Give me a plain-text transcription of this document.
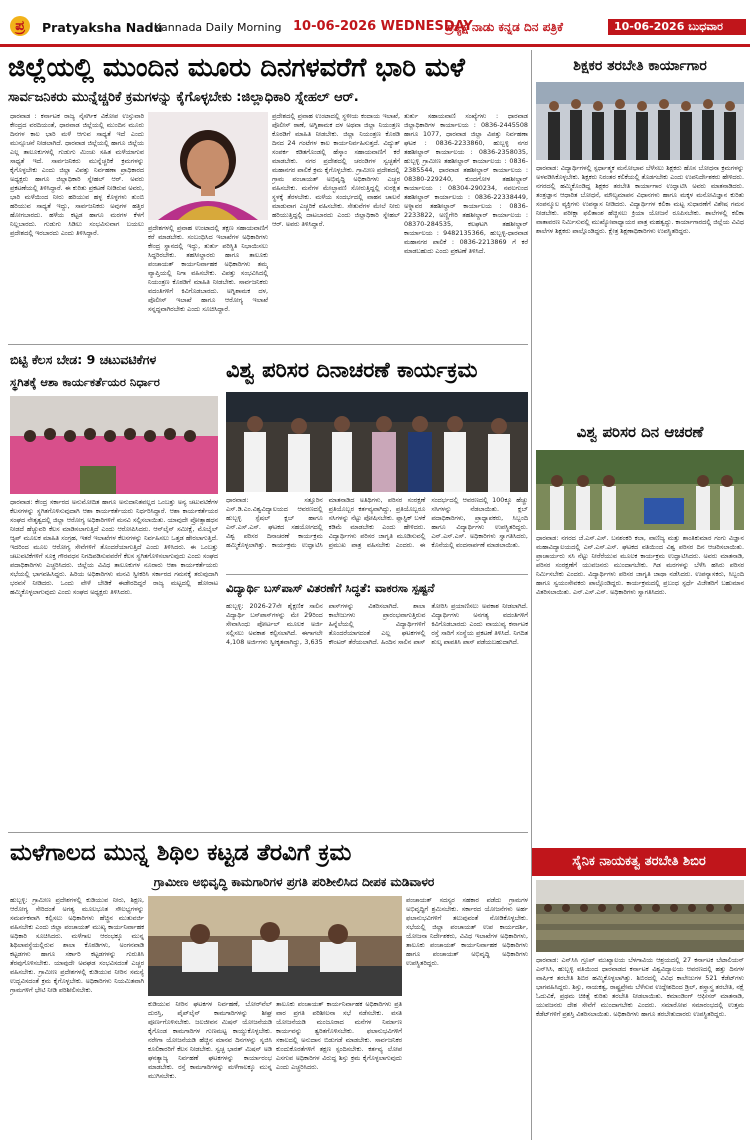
ಪ್ರ	Pratyaksha Nadu
Kannada Daily Morning 10-06-2026 WEDNESDAY
ಪ್ರತ್ಯಕ್ಷ ನಾಡು ಕನ್ನಡ ದಿನ ಪತ್ರಿಕೆ	10-06-2026 ಬುಧವಾರ
ಜಿಲ್ಲೆಯಲ್ಲಿ ಮುಂದಿನ ಮೂರು ದಿನಗಳವರೆಗೆ ಭಾರಿ ಮಳೆ
ಸಾರ್ವಜನಿಕರು ಮುನ್ನೆಚ್ಚರಿಕೆ ಕ್ರಮಗಳನ್ನು ಕೈಗೊಳ್ಳಬೇಕು :ಜಿಲ್ಲಾಧಿಕಾರಿ ಸ್ನೇಹಲ್ ಆರ್.
ಧಾರವಾಡ : ಕರ್ನಾಟಕ ರಾಜ್ಯ ನೈಸರ್ಗಿಕ ವಿಕೋಪ ಉಸ್ತುವಾರಿ ಕೇಂದ್ರದ ವರದಿಯಂತೆ, ಧಾರವಾಡ ಜಿಲ್ಲೆಯಲ್ಲಿ ಮುಂದಿನ ಮೂರು ದಿನಗಳ ಕಾಲ ಭಾರಿ ಮಳೆ ಆಗುವ ಸಾಧ್ಯತೆ ಇದೆ ಎಂದು ಮುನ್ಸೂಚನೆ ನೀಡಲಾಗಿದೆ. ಧಾರವಾಡ ಜಿಲ್ಲೆಯಲ್ಲಿ ಹಾಗೂ ಜಿಲ್ಲೆಯ ಎಲ್ಲ ತಾಲೂಕುಗಳಲ್ಲಿ ಗುಡುಗು ಮಿಂಚು ಸಹಿತ ಮಳೆಯಾಗುವ ಸಾಧ್ಯತೆ ಇದೆ. ಸಾರ್ವಜನಿಕರು ಮುನ್ನೆಚ್ಚರಿಕೆ ಕ್ರಮಗಳನ್ನು ಕೈಗೊಳ್ಳಬೇಕು ಎಂದು ಜಿಲ್ಲಾ ವಿಪತ್ತು ನಿರ್ವಹಣಾ ಪ್ರಾಧಿಕಾರದ ಅಧ್ಯಕ್ಷರು ಹಾಗೂ ಜಿಲ್ಲಾಧಿಕಾರಿ ಸ್ನೇಹಲ್ ಆರ್. ಅವರು ಪ್ರಕಟಣೆಯಲ್ಲಿ ತಿಳಿಸಿದ್ದಾರೆ. ಈ ಕುರಿತು ಪ್ರಕಟಣೆ ನೀಡಿರುವ ಅವರು, ಭಾರಿ ಮಳೆಯಿಂದ ನೀರು ಹರಿಯುವ ಹಳ್ಳ ಕೊಳ್ಳಗಳು ತುಂಬಿ ಹರಿಯುವ ಸಾಧ್ಯತೆ ಇದ್ದು, ಸಾರ್ವಜನಿಕರು ಅವುಗಳ ಹತ್ತಿರ ಹೋಗಬಾರದು. ಹಳೆಯ ಕಟ್ಟಡ ಹಾಗೂ ಮರಗಳ ಕೆಳಗೆ ನಿಲ್ಲಬಾರದು. ಗುಡುಗು ಸಿಡಿಲು ಸಂಭವಿಸುವಾಗ ಬಯಲು ಪ್ರದೇಶದಲ್ಲಿ ಇರಬಾರದು ಎಂದು ತಿಳಿಸಿದ್ದಾರೆ.
ಪ್ರದೇಶಗಳಲ್ಲಿ ಪ್ರವಾಹ ಉಂಟಾದಲ್ಲಿ ತಕ್ಷಣ ಸಹಾಯವಾಣಿಗೆ ಕರೆ ಮಾಡಬೇಕು. ಸಂಬಂಧಿಸಿದ ಇಲಾಖೆಗಳ ಅಧಿಕಾರಿಗಳು ಕೇಂದ್ರ ಸ್ಥಾನದಲ್ಲಿ ಇದ್ದು, ತುರ್ತು ಪರಿಸ್ಥಿತಿ ನಿಭಾಯಿಸಲು ಸಿದ್ಧರಿರಬೇಕು. ತಹಸೀಲ್ದಾರರು ಹಾಗೂ ತಾಲೂಕು ಪಂಚಾಯತ್ ಕಾರ್ಯನಿರ್ವಾಹಕ ಅಧಿಕಾರಿಗಳು ತಮ್ಮ ವ್ಯಾಪ್ತಿಯಲ್ಲಿ ನಿಗಾ ವಹಿಸಬೇಕು. ವಿಪತ್ತು ಸಂಭವಿಸಿದಲ್ಲಿ ನಿಯಂತ್ರಣ ಕೊಠಡಿಗೆ ಮಾಹಿತಿ ನೀಡಬೇಕು. ಸಾರ್ವಜನಿಕರು ವದಂತಿಗಳಿಗೆ ಕಿವಿಗೊಡಬಾರದು. ಅಗ್ನಿಶಾಮಕ ದಳ, ಪೊಲೀಸ್ ಇಲಾಖೆ ಹಾಗೂ ಆರೋಗ್ಯ ಇಲಾಖೆ ಸನ್ನದ್ಧವಾಗಿರಬೇಕು ಎಂದು ಸೂಚಿಸಿದ್ದಾರೆ.
ಪ್ರದೇಶದಲ್ಲಿ ಪ್ರವಾಹ ಉಂಟಾದಲ್ಲಿ ಸ್ಥಳೀಯ ಕಂದಾಯ ಇಲಾಖೆ, ಪೊಲೀಸ್ ಠಾಣೆ, ಅಗ್ನಿಶಾಮಕ ದಳ ಅಥವಾ ಜಿಲ್ಲಾ ನಿಯಂತ್ರಣ ಕೊಠಡಿಗೆ ಮಾಹಿತಿ ನೀಡಬೇಕು. ಜಿಲ್ಲಾ ನಿಯಂತ್ರಣ ಕೊಠಡಿ ದಿನದ 24 ಗಂಟೆಗಳ ಕಾಲ ಕಾರ್ಯನಿರ್ವಹಿಸುತ್ತದೆ. ವಿದ್ಯುತ್ ಸಂಪರ್ಕ ಕಡಿತಗೊಂಡಲ್ಲಿ ಹೆಸ್ಕಾಂ ಸಹಾಯವಾಣಿಗೆ ಕರೆ ಮಾಡಬೇಕು. ನಗರ ಪ್ರದೇಶದಲ್ಲಿ ಚರಂಡಿಗಳ ಸ್ವಚ್ಛತೆಗೆ ಮಹಾನಗರ ಪಾಲಿಕೆ ಕ್ರಮ ಕೈಗೊಳ್ಳಬೇಕು. ಗ್ರಾಮೀಣ ಪ್ರದೇಶದಲ್ಲಿ ಗ್ರಾಮ ಪಂಚಾಯತ್ ಅಭಿವೃದ್ಧಿ ಅಧಿಕಾರಿಗಳು ಎಚ್ಚರ ವಹಿಸಬೇಕು. ಮನೆಗಳ ಮೇಲ್ಛಾವಣಿ ಸೋರುತ್ತಿದ್ದಲ್ಲಿ ಸುರಕ್ಷಿತ ಸ್ಥಳಕ್ಕೆ ತೆರಳಬೇಕು. ಮಳೆಯ ಸಂದರ್ಭದಲ್ಲಿ ವಾಹನ ಚಾಲನೆ ಮಾಡುವಾಗ ಎಚ್ಚರಿಕೆ ವಹಿಸಬೇಕು. ಸೇತುವೆಗಳ ಮೇಲೆ ನೀರು ಹರಿಯುತ್ತಿದ್ದಲ್ಲಿ ದಾಟಬಾರದು ಎಂದು ಜಿಲ್ಲಾಧಿಕಾರಿ ಸ್ನೇಹಲ್ ಆರ್. ಅವರು ತಿಳಿಸಿದ್ದಾರೆ.
ತುರ್ತು ಸಹಾಯವಾಣಿ ಸಂಖ್ಯೆಗಳು : ಧಾರವಾಡ ಜಿಲ್ಲಾಧಿಕಾರಿಗಳ ಕಾರ್ಯಾಲಯ : 0836-2445508 ಹಾಗೂ 1077, ಧಾರವಾಡ ಜಿಲ್ಲಾ ವಿಪತ್ತು ನಿರ್ವಹಣಾ ಘಟಕ : 0836-2233860, ಹುಬ್ಬಳ್ಳಿ ನಗರ ತಹಶೀಲ್ದಾರ್ ಕಾರ್ಯಾಲಯ : 0836-2358035, ಹುಬ್ಬಳ್ಳಿ ಗ್ರಾಮೀಣ ತಹಶೀಲ್ದಾರ್ ಕಾರ್ಯಾಲಯ : 0836-2385544, ಧಾರವಾಡ ತಹಶೀಲ್ದಾರ್ ಕಾರ್ಯಾಲಯ : 08380-229240, ಕುಂದಗೋಳ ತಹಶೀಲ್ದಾರ್ ಕಾರ್ಯಾಲಯ : 08304-290234, ನವಲಗುಂದ ತಹಶೀಲ್ದಾರ್ ಕಾರ್ಯಾಲಯ : 0836-22338449, ಅಳ್ನಾವರ ತಹಶೀಲ್ದಾರ್ ಕಾರ್ಯಾಲಯ : 0836-2233822, ಅಣ್ಣಿಗೇರಿ ತಹಶೀಲ್ದಾರ್ ಕಾರ್ಯಾಲಯ : 08370-284535, ಕಲಘಟಗಿ ತಹಶೀಲ್ದಾರ್ ಕಾರ್ಯಾಲಯ : 9482135366, ಹುಬ್ಬಳ್ಳಿ-ಧಾರವಾಡ ಮಹಾನಗರ ಪಾಲಿಕೆ : 0836-2213869 ಗೆ ಕರೆ ಮಾಡಬಹುದು ಎಂದು ಪ್ರಕಟಣೆ ತಿಳಿಸಿದೆ.
ಬಿಟ್ಟಿ ಕೆಲಸ ಬೇಡ: 9 ಚಟುವಟಿಕೆಗಳ
ಸ್ಥಗಿತಕ್ಕೆ ಆಶಾ ಕಾರ್ಯಕರ್ತೆಯರ ನಿರ್ಧಾರ
ಧಾರವಾಡ: ಕೇಂದ್ರ ಸರ್ಕಾರದ ಅನುಮೋದಿತ ಹಾಗೂ ಅನುದಾನಿತವಲ್ಲದ ಒಂಬತ್ತು ಅನ್ಯ ಚಟುವಟಿಕೆಗಳ ಕೆಲಸಗಳನ್ನು ಸ್ಥಗಿತಗೊಳಿಸುವುದಾಗಿ ಆಶಾ ಕಾರ್ಯಕರ್ತೆಯರು ನಿರ್ಧರಿಸಿದ್ದಾರೆ. ಆಶಾ ಕಾರ್ಯಕರ್ತೆಯರ ಸಂಘದ ನೇತೃತ್ವದಲ್ಲಿ ಜಿಲ್ಲಾ ಆರೋಗ್ಯ ಅಧಿಕಾರಿಗಳಿಗೆ ಮನವಿ ಸಲ್ಲಿಸಲಾಯಿತು. ಯಾವುದೇ ಪ್ರೋತ್ಸಾಹಧನ ನೀಡದೆ ಹೆಚ್ಚುವರಿ ಕೆಲಸ ಮಾಡಿಸಲಾಗುತ್ತಿದೆ ಎಂದು ಆರೋಪಿಸಿದರು. ಆನ್‌ಲೈನ್ ಸಮೀಕ್ಷೆ, ಮೊಬೈಲ್ ಆ್ಯಪ್ ಮೂಲಕ ಮಾಹಿತಿ ಸಂಗ್ರಹ, ಇತರೆ ಇಲಾಖೆಗಳ ಕೆಲಸಗಳನ್ನು ನಿರ್ವಹಿಸಲು ಒತ್ತಡ ಹೇರಲಾಗುತ್ತಿದೆ. ಇದರಿಂದ ಮೂಲ ಆರೋಗ್ಯ ಸೇವೆಗಳಿಗೆ ತೊಂದರೆಯಾಗುತ್ತಿದೆ ಎಂದು ತಿಳಿಸಿದರು. ಈ ಒಂಬತ್ತು ಚಟುವಟಿಕೆಗಳಿಗೆ ಸೂಕ್ತ ಗೌರವಧನ ನಿಗದಿಪಡಿಸುವವರೆಗೆ ಕೆಲಸ ಸ್ಥಗಿತಗೊಳಿಸಲಾಗುವುದು ಎಂದು ಸಂಘದ ಪದಾಧಿಕಾರಿಗಳು ಎಚ್ಚರಿಸಿದರು. ಜಿಲ್ಲೆಯ ವಿವಿಧ ತಾಲೂಕುಗಳ ನೂರಾರು ಆಶಾ ಕಾರ್ಯಕರ್ತೆಯರು ಸಭೆಯಲ್ಲಿ ಭಾಗವಹಿಸಿದ್ದರು. ಹಿರಿಯ ಅಧಿಕಾರಿಗಳು ಮನವಿ ಸ್ವೀಕರಿಸಿ ಸರ್ಕಾರದ ಗಮನಕ್ಕೆ ತರುವುದಾಗಿ ಭರವಸೆ ನೀಡಿದರು. ಒಂದು ವೇಳೆ ಬೇಡಿಕೆ ಈಡೇರದಿದ್ದರೆ ರಾಜ್ಯ ಮಟ್ಟದಲ್ಲಿ ಹೋರಾಟ ಹಮ್ಮಿಕೊಳ್ಳಲಾಗುವುದು ಎಂದು ಸಂಘದ ಅಧ್ಯಕ್ಷರು ತಿಳಿಸಿದರು.
ವಿಶ್ವ ಪರಿಸರ ದಿನಾಚರಣೆ ಕಾರ್ಯಕ್ರಮ
ಧಾರವಾಡ: ಸತ್ತೂರಿನ ಎಸ್.ಡಿ.ಎಂ.ವಿಶ್ವವಿದ್ಯಾಲಯದ ಆವರಣದಲ್ಲಿ ಹುಬ್ಬಳ್ಳಿ ಸ್ಪೆಷಲ್ ಕ್ಲಬ್ ಹಾಗೂ ಎನ್.ಎಸ್.ಎಸ್. ಘಟಕದ ಸಹಯೋಗದಲ್ಲಿ ವಿಶ್ವ ಪರಿಸರ ದಿನಾಚರಣೆ ಕಾರ್ಯಕ್ರಮ ಹಮ್ಮಿಕೊಳ್ಳಲಾಗಿತ್ತು. ಕಾರ್ಯಕ್ರಮ ಉದ್ಘಾಟಿಸಿ ಮಾತನಾಡಿದ ಅತಿಥಿಗಳು, ಪರಿಸರ ಸಂರಕ್ಷಣೆ ಪ್ರತಿಯೊಬ್ಬರ ಕರ್ತವ್ಯವಾಗಿದ್ದು, ಪ್ರತಿಯೊಬ್ಬರೂ ಸಸಿಗಳನ್ನು ನೆಟ್ಟು ಪೋಷಿಸಬೇಕು. ಪ್ಲಾಸ್ಟಿಕ್ ಬಳಕೆ ಕಡಿಮೆ ಮಾಡಬೇಕು ಎಂದು ಹೇಳಿದರು. ವಿದ್ಯಾರ್ಥಿಗಳು ಪರಿಸರ ಜಾಗೃತಿ ಮೂಡಿಸುವಲ್ಲಿ ಪ್ರಮುಖ ಪಾತ್ರ ವಹಿಸಬೇಕು ಎಂದರು. ಈ ಸಂದರ್ಭದಲ್ಲಿ ಆವರಣದಲ್ಲಿ 100ಕ್ಕೂ ಹೆಚ್ಚು ಸಸಿಗಳನ್ನು ನೆಡಲಾಯಿತು. ಕ್ಲಬ್ ಪದಾಧಿಕಾರಿಗಳು, ಪ್ರಾಧ್ಯಾಪಕರು, ಸಿಬ್ಬಂದಿ ಹಾಗೂ ವಿದ್ಯಾರ್ಥಿಗಳು ಉಪಸ್ಥಿತರಿದ್ದರು. ಎನ್.ಎಸ್.ಎಸ್. ಅಧಿಕಾರಿಗಳು ಸ್ವಾಗತಿಸಿದರು, ಕೊನೆಯಲ್ಲಿ ವಂದನಾರ್ಪಣೆ ಮಾಡಲಾಯಿತು.
ವಿದ್ಯಾರ್ಥಿ ಬಸ್‌ಪಾಸ್ ವಿತರಣೆಗೆ ಸಿದ್ಧತೆ: ವಾಕರಸಾ ಸ್ಪಷ್ಟನೆ
ಹುಬ್ಬಳ್ಳಿ: 2026-27ನೇ ಶೈಕ್ಷಣಿಕ ಸಾಲಿನ ವಿದ್ಯಾರ್ಥಿ ಬಸ್‌ಪಾಸ್‌ಗಳನ್ನು ಮೇ 29ರಿಂದ ಸೇವಾಸಿಂಧು ಪೋರ್ಟಲ್ ಮೂಲಕ ಅರ್ಜಿ ಸಲ್ಲಿಸಲು ಅವಕಾಶ ಕಲ್ಪಿಸಲಾಗಿದೆ. ಈಗಾಗಲೇ 4,108 ಅರ್ಜಿಗಳು ಸ್ವೀಕೃತವಾಗಿದ್ದು, 3,635 ಪಾಸ್‌ಗಳನ್ನು ವಿತರಿಸಲಾಗಿದೆ. ಶಾಲಾ ಕಾಲೇಜುಗಳು ಪ್ರಾರಂಭವಾಗುತ್ತಿರುವ ಹಿನ್ನೆಲೆಯಲ್ಲಿ ವಿದ್ಯಾರ್ಥಿಗಳಿಗೆ ತೊಂದರೆಯಾಗದಂತೆ ಎಲ್ಲ ಘಟಕಗಳಲ್ಲಿ ಕೌಂಟರ್ ತೆರೆಯಲಾಗಿದೆ. ಹಿಂದಿನ ಸಾಲಿನ ಪಾಸ್ ತೋರಿಸಿ ಪ್ರಯಾಣಿಸಲು ಅವಕಾಶ ನೀಡಲಾಗಿದೆ. ವಿದ್ಯಾರ್ಥಿಗಳು ಅನಗತ್ಯ ವದಂತಿಗಳಿಗೆ ಕಿವಿಗೊಡಬಾರದು ಎಂದು ವಾಯುವ್ಯ ಕರ್ನಾಟಕ ರಸ್ತೆ ಸಾರಿಗೆ ಸಂಸ್ಥೆಯ ಪ್ರಕಟಣೆ ತಿಳಿಸಿದೆ. ನಿಗದಿತ ಶುಲ್ಕ ಪಾವತಿಸಿ ಪಾಸ್ ಪಡೆಯಬಹುದಾಗಿದೆ.
ಮಳೆಗಾಲದ ಮುನ್ನ ಶಿಥಿಲ ಕಟ್ಟಡ ತೆರವಿಗೆ ಕ್ರಮ
ಗ್ರಾಮೀಣ ಅಭಿವೃದ್ಧಿ ಕಾಮಗಾರಿಗಳ ಪ್ರಗತಿ ಪರಿಶೀಲಿಸಿದ ದೀಪಕ ಮಡಿವಾಳರ
ಹುಬ್ಬಳ್ಳಿ: ಗ್ರಾಮೀಣ ಪ್ರದೇಶಗಳಲ್ಲಿ ಕುಡಿಯುವ ನೀರು, ಶಿಕ್ಷಣ, ಆರೋಗ್ಯ ಸೇರಿದಂತೆ ಅಗತ್ಯ ಮೂಲಭೂತ ಸೌಲಭ್ಯಗಳನ್ನು ಸಮರ್ಪಕವಾಗಿ ಕಲ್ಪಿಸಲು ಅಧಿಕಾರಿಗಳು ಹೆಚ್ಚಿನ ಮುತುವರ್ಜಿ ವಹಿಸಬೇಕು ಎಂದು ಜಿಲ್ಲಾ ಪಂಚಾಯತ್ ಮುಖ್ಯ ಕಾರ್ಯನಿರ್ವಾಹಕ ಅಧಿಕಾರಿ ಸೂಚಿಸಿದರು. ಮಳೆಗಾಲ ಆರಂಭಕ್ಕೂ ಮುನ್ನ ಶಿಥಿಲಾವಸ್ಥೆಯಲ್ಲಿರುವ ಶಾಲಾ ಕೊಠಡಿಗಳು, ಅಂಗನವಾಡಿ ಕಟ್ಟಡಗಳು ಹಾಗೂ ಸರ್ಕಾರಿ ಕಟ್ಟಡಗಳನ್ನು ಗುರುತಿಸಿ ತೆರವುಗೊಳಿಸಬೇಕು. ಯಾವುದೇ ಅವಘಡ ಸಂಭವಿಸದಂತೆ ಎಚ್ಚರ ವಹಿಸಬೇಕು. ಗ್ರಾಮೀಣ ಪ್ರದೇಶಗಳಲ್ಲಿ ಕುಡಿಯುವ ನೀರಿನ ಸಮಸ್ಯೆ ಉದ್ಭವಿಸದಂತೆ ಕ್ರಮ ಕೈಗೊಳ್ಳಬೇಕು. ಅಧಿಕಾರಿಗಳು ನಿಯಮಿತವಾಗಿ ಗ್ರಾಮಗಳಿಗೆ ಭೇಟಿ ನೀಡಿ ಪರಿಶೀಲಿಸಬೇಕು.
ಕುಡಿಯುವ ನೀರಿನ ಘಟಕಗಳ ನಿರ್ವಹಣೆ, ಬೋರ್‌ವೆಲ್ ದುರಸ್ತಿ, ಪೈಪ್‌ಲೈನ್ ಕಾಮಗಾರಿಗಳನ್ನು ಶೀಘ್ರ ಪೂರ್ಣಗೊಳಿಸಬೇಕು. ಜಲಜೀವನ ಮಿಷನ್ ಯೋಜನೆಯಡಿ ಕೈಗೊಂಡ ಕಾಮಗಾರಿಗಳ ಗುಣಮಟ್ಟ ಕಾಯ್ದುಕೊಳ್ಳಬೇಕು. ನರೇಗಾ ಯೋಜನೆಯಡಿ ಹೆಚ್ಚಿನ ಮಾನವ ದಿನಗಳನ್ನು ಸೃಜಿಸಿ ಕೂಲಿಕಾರರಿಗೆ ಕೆಲಸ ನೀಡಬೇಕು. ಸ್ವಚ್ಛ ಭಾರತ್ ಮಿಷನ್ ಅಡಿ ಘನತ್ಯಾಜ್ಯ ನಿರ್ವಹಣೆ ಘಟಕಗಳನ್ನು ಕಾರ್ಯಾರಂಭ ಮಾಡಬೇಕು. ರಸ್ತೆ ಕಾಮಗಾರಿಗಳನ್ನು ಮಳೆಗಾಲಕ್ಕೂ ಮುನ್ನ ಮುಗಿಸಬೇಕು.
ತಾಲೂಕು ಪಂಚಾಯತ್ ಕಾರ್ಯನಿರ್ವಾಹಕ ಅಧಿಕಾರಿಗಳು ಪ್ರತಿ ವಾರ ಪ್ರಗತಿ ಪರಿಶೀಲನಾ ಸಭೆ ನಡೆಸಬೇಕು. ವಸತಿ ಯೋಜನೆಯಡಿ ಮಂಜೂರಾದ ಮನೆಗಳ ನಿರ್ಮಾಣ ಕಾರ್ಯವನ್ನು ತ್ವರಿತಗೊಳಿಸಬೇಕು. ಫಲಾನುಭವಿಗಳಿಗೆ ಸಕಾಲದಲ್ಲಿ ಅನುದಾನ ಬಿಡುಗಡೆ ಮಾಡಬೇಕು. ಸಾರ್ವಜನಿಕರ ಕುಂದುಕೊರತೆಗಳಿಗೆ ತಕ್ಷಣ ಸ್ಪಂದಿಸಬೇಕು. ಕರ್ತವ್ಯ ಲೋಪ ಎಸಗುವ ಅಧಿಕಾರಿಗಳ ವಿರುದ್ಧ ಶಿಸ್ತು ಕ್ರಮ ಕೈಗೊಳ್ಳಲಾಗುವುದು ಎಂದು ಎಚ್ಚರಿಸಿದರು.
ಪಂಚಾಯತ್ ಸದಸ್ಯರ ಸಹಕಾರ ಪಡೆದು ಗ್ರಾಮಗಳ ಅಭಿವೃದ್ಧಿಗೆ ಶ್ರಮಿಸಬೇಕು. ಸರ್ಕಾರದ ಯೋಜನೆಗಳು ಅರ್ಹ ಫಲಾನುಭವಿಗಳಿಗೆ ತಲುಪುವಂತೆ ನೋಡಿಕೊಳ್ಳಬೇಕು. ಸಭೆಯಲ್ಲಿ ಜಿಲ್ಲಾ ಪಂಚಾಯತ್ ಉಪ ಕಾರ್ಯದರ್ಶಿ, ಯೋಜನಾ ನಿರ್ದೇಶಕರು, ವಿವಿಧ ಇಲಾಖೆಗಳ ಅಧಿಕಾರಿಗಳು, ತಾಲೂಕು ಪಂಚಾಯತ್ ಕಾರ್ಯನಿರ್ವಾಹಕ ಅಧಿಕಾರಿಗಳು ಹಾಗೂ ಪಂಚಾಯತ್ ಅಭಿವೃದ್ಧಿ ಅಧಿಕಾರಿಗಳು ಉಪಸ್ಥಿತರಿದ್ದರು.
ಶಿಕ್ಷಕರ ತರಬೇತಿ ಕಾರ್ಯಾಗಾರ
ಧಾರವಾಡ: ವಿದ್ಯಾರ್ಥಿಗಳಲ್ಲಿ ಸ್ಪರ್ಧಾತ್ಮಕ ಮನೋಭಾವ ಬೆಳೆಸಲು ಶಿಕ್ಷಕರು ಹೊಸ ಬೋಧನಾ ಕ್ರಮಗಳನ್ನು ಅಳವಡಿಸಿಕೊಳ್ಳಬೇಕು. ಶಿಕ್ಷಕರು ನಿರಂತರ ಕಲಿಕೆಯಲ್ಲಿ ತೊಡಗಬೇಕು ಎಂದು ಉಪನಿರ್ದೇಶಕರು ಹೇಳಿದರು. ನಗರದಲ್ಲಿ ಹಮ್ಮಿಕೊಂಡಿದ್ದ ಶಿಕ್ಷಕರ ತರಬೇತಿ ಕಾರ್ಯಾಗಾರ ಉದ್ಘಾಟಿಸಿ ಅವರು ಮಾತನಾಡಿದರು. ತಂತ್ರಜ್ಞಾನ ಆಧಾರಿತ ಬೋಧನೆ, ಮೌಲ್ಯಮಾಪನ ವಿಧಾನಗಳು ಹಾಗೂ ಮಕ್ಕಳ ಮನೋವಿಜ್ಞಾನ ಕುರಿತು ಸಂಪನ್ಮೂಲ ವ್ಯಕ್ತಿಗಳು ಉಪನ್ಯಾಸ ನೀಡಿದರು. ವಿದ್ಯಾರ್ಥಿಗಳ ಕಲಿಕಾ ಮಟ್ಟ ಸುಧಾರಣೆಗೆ ವಿಶೇಷ ಗಮನ ನೀಡಬೇಕು. ಪರೀಕ್ಷಾ ಫಲಿತಾಂಶ ಹೆಚ್ಚಿಸಲು ಕ್ರಿಯಾ ಯೋಜನೆ ರೂಪಿಸಬೇಕು. ಶಾಲೆಗಳಲ್ಲಿ ಕಲಿಕಾ ವಾತಾವರಣ ನಿರ್ಮಿಸುವಲ್ಲಿ ಮುಖ್ಯೋಪಾಧ್ಯಾಯರ ಪಾತ್ರ ಮಹತ್ವದ್ದು. ಕಾರ್ಯಾಗಾರದಲ್ಲಿ ಜಿಲ್ಲೆಯ ವಿವಿಧ ಶಾಲೆಗಳ ಶಿಕ್ಷಕರು ಪಾಲ್ಗೊಂಡಿದ್ದರು. ಕ್ಷೇತ್ರ ಶಿಕ್ಷಣಾಧಿಕಾರಿಗಳು ಉಪಸ್ಥಿತರಿದ್ದರು.
ವಿಶ್ವ ಪರಿಸರ ದಿನ ಆಚರಣೆ
ಧಾರವಾಡ: ನಗರದ ಜೆ.ಎಸ್.ಎಸ್. ಬನಶಂಕರಿ ಕಲಾ, ವಾಣಿಜ್ಯ ಮತ್ತು ಶಾಂತಿಕುಮಾರ ಗಂಗು ವಿಜ್ಞಾನ ಮಹಾವಿದ್ಯಾಲಯದಲ್ಲಿ ಎನ್.ಎಸ್.ಎಸ್. ಘಟಕದ ವತಿಯಿಂದ ವಿಶ್ವ ಪರಿಸರ ದಿನ ಆಚರಿಸಲಾಯಿತು. ಪ್ರಾಚಾರ್ಯರು ಸಸಿ ನೆಟ್ಟು ನೀರೆರೆಯುವ ಮೂಲಕ ಕಾರ್ಯಕ್ರಮ ಉದ್ಘಾಟಿಸಿದರು. ಅವರು ಮಾತನಾಡಿ, ಪರಿಸರ ಸಂರಕ್ಷಣೆಗೆ ಯುವಜನರು ಮುಂದಾಗಬೇಕು. ಗಿಡ ಮರಗಳನ್ನು ಬೆಳೆಸಿ ಹಸಿರು ಪರಿಸರ ನಿರ್ಮಿಸಬೇಕು ಎಂದರು. ವಿದ್ಯಾರ್ಥಿಗಳು ಪರಿಸರ ಜಾಗೃತಿ ಜಾಥಾ ನಡೆಸಿದರು. ಉಪನ್ಯಾಸಕರು, ಸಿಬ್ಬಂದಿ ಹಾಗೂ ಸ್ವಯಂಸೇವಕರು ಪಾಲ್ಗೊಂಡಿದ್ದರು. ಕಾರ್ಯಕ್ರಮದಲ್ಲಿ ಪ್ರಬಂಧ ಸ್ಪರ್ಧೆ ವಿಜೇತರಿಗೆ ಬಹುಮಾನ ವಿತರಿಸಲಾಯಿತು. ಎನ್.ಎಸ್.ಎಸ್. ಅಧಿಕಾರಿಗಳು ಸ್ವಾಗತಿಸಿದರು.
ಸೈನಿಕ ನಾಯಕತ್ವ ತರಬೇತಿ ಶಿಬಿರ
ಧಾರವಾಡ: ಎನ್‌ಸಿಸಿ ಗ್ರೂಪ್ ಮುಖ್ಯಾಲಯ ಬೆಳಗಾವಿಯ ಆಶ್ರಯದಲ್ಲಿ 27 ಕರ್ನಾಟಕ ಬೆಟಾಲಿಯನ್ ಎನ್‌ಸಿಸಿ, ಹುಬ್ಬಳ್ಳಿ ವತಿಯಿಂದ ಧಾರವಾಡದ ಕರ್ನಾಟಕ ವಿಶ್ವವಿದ್ಯಾಲಯ ಆವರಣದಲ್ಲಿ ಹತ್ತು ದಿನಗಳ ವಾರ್ಷಿಕ ತರಬೇತಿ ಶಿಬಿರ ಹಮ್ಮಿಕೊಳ್ಳಲಾಗಿತ್ತು. ಶಿಬಿರದಲ್ಲಿ ವಿವಿಧ ಕಾಲೇಜುಗಳ 521 ಕೆಡೆಟ್‌ಗಳು ಭಾಗವಹಿಸಿದ್ದರು. ಶಿಸ್ತು, ನಾಯಕತ್ವ, ರಾಷ್ಟ್ರಪ್ರೇಮ ಬೆಳೆಸುವ ಉದ್ದೇಶದಿಂದ ಡ್ರಿಲ್, ಶಸ್ತ್ರಾಸ್ತ್ರ ತರಬೇತಿ, ನಕ್ಷೆ ಓದುವಿಕೆ, ಪ್ರಥಮ ಚಿಕಿತ್ಸೆ ಕುರಿತು ತರಬೇತಿ ನೀಡಲಾಯಿತು. ಕಮಾಂಡಿಂಗ್ ಆಫೀಸರ್ ಮಾತನಾಡಿ, ಯುವಜನರು ದೇಶ ಸೇವೆಗೆ ಮುಂದಾಗಬೇಕು ಎಂದರು. ಸಮಾರೋಪ ಸಮಾರಂಭದಲ್ಲಿ ಉತ್ತಮ ಕೆಡೆಟ್‌ಗಳಿಗೆ ಪ್ರಶಸ್ತಿ ವಿತರಿಸಲಾಯಿತು. ಅಧಿಕಾರಿಗಳು ಹಾಗೂ ತರಬೇತುದಾರರು ಉಪಸ್ಥಿತರಿದ್ದರು.
